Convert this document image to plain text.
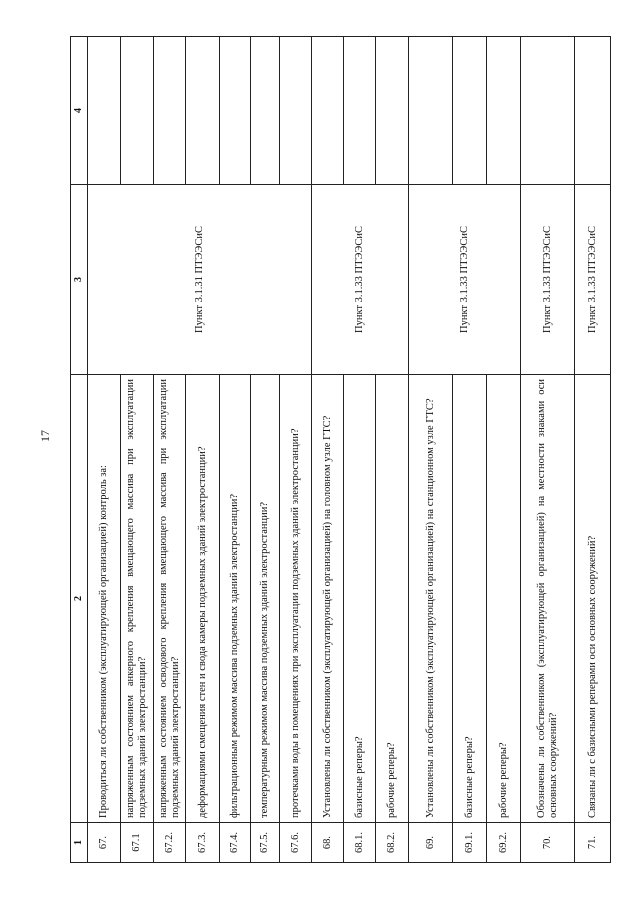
17
1	2	3	4
67.	Проводиться ли собственником (эксплуатирующей организацией) контроль за:	Пункт 3.1.31 ПТЭЭСиС	
67.1	напряженным состоянием анкерного крепления вмещающего массива при эксплуатации подземных зданий электростанции?		
67.2.	напряженным состоянием осводового крепления вмещающего массива при эксплуатации подземных зданий электростанции?		
67.3.	деформациями смещения стен и свода камеры подземных зданий электростанции?		
67.4.	фильтрационным режимом массива подземных зданий электростанции?		
67.5.	температурным режимом массива подземных зданий электростанции?		
67.6.	протечками воды в помещениях при эксплуатации подземных зданий электростанции?		
68.	Установлены ли собственником (эксплуатирующей организацией) на головном узле ГТС?	Пункт 3.1.33 ПТЭЭСиС	
68.1.	базисные реперы?		
68.2.	рабочие реперы?		
69.	Установлены ли собственником (эксплуатирующей организацией) на станционном узле ГТС?	Пункт 3.1.33 ПТЭЭСиС	
69.1.	базисные реперы?		
69.2.	рабочие реперы?		
70.	Обозначены ли собственником (эксплуатирующей организацией) на местности знаками оси основных сооружений?	Пункт 3.1.33 ПТЭЭСиС	
71.	Связаны ли с базисными реперами оси основных сооружений?	Пункт 3.1.33 ПТЭЭСиС	
